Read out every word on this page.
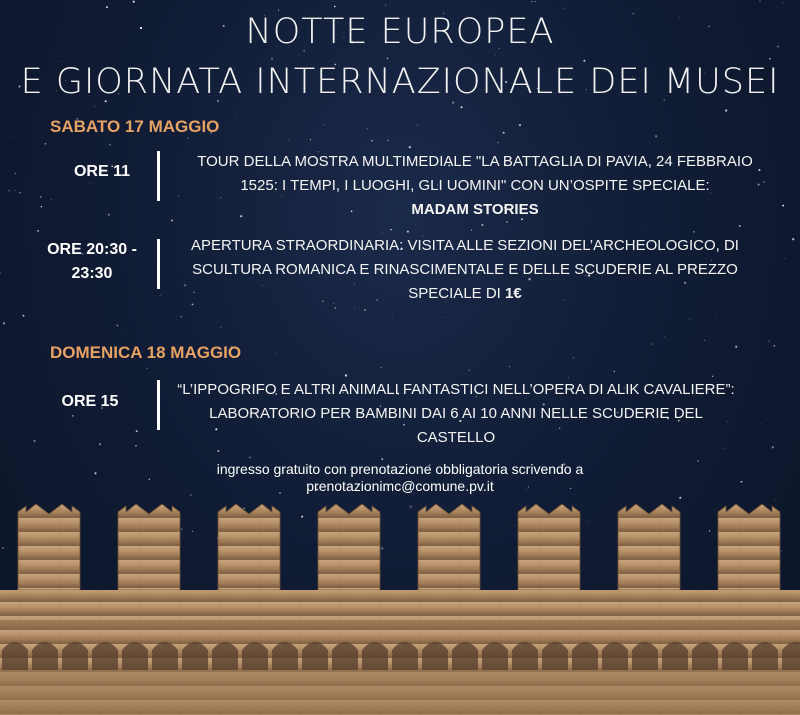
NOTTE EUROPEA
E GIORNATA INTERNAZIONALE DEI MUSEI
SABATO 17 MAGGIO
ORE 11
TOUR DELLA MOSTRA MULTIMEDIALE "LA BATTAGLIA DI PAVIA, 24 FEBBRAIO 1525: I TEMPI, I LUOGHI, GLI UOMINI" CON UN’OSPITE SPECIALE:
MADAM STORIES
ORE 20:30 - 23:30
APERTURA STRAORDINARIA: VISITA ALLE SEZIONI DEL’ARCHEOLOGICO, DI SCULTURA ROMANICA E RINASCIMENTALE E DELLE SCUDERIE AL PREZZO SPECIALE DI 1€
DOMENICA 18 MAGGIO
ORE 15
“L’IPPOGRIFO E ALTRI ANIMALI FANTASTICI NELL’OPERA DI ALIK CAVALIERE”: LABORATORIO PER BAMBINI DAI 6 AI 10 ANNI NELLE SCUDERIE DEL CASTELLO
ingresso gratuito con prenotazione obbligatoria scrivendo a
prenotazionimc@comune.pv.it
